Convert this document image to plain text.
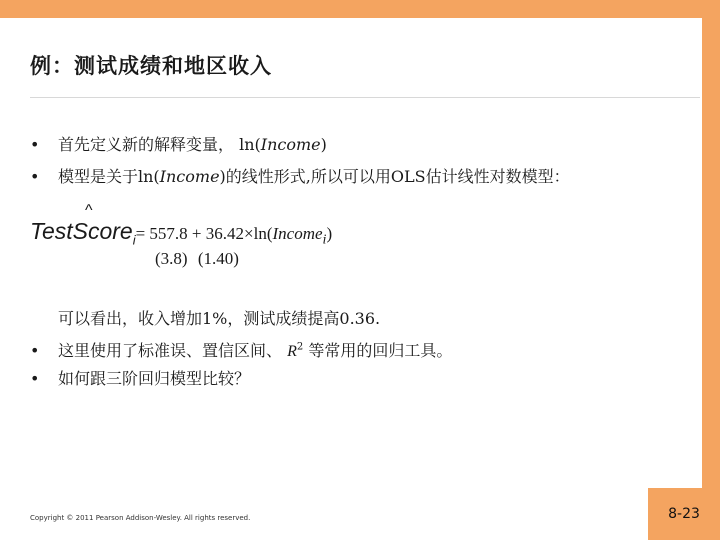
例：测试成绩和地区收入
• 首先定义新的解释变量， ln(Income)
• 模型是关于ln(Income)的线性形式,所以可以用OLS估计线性对数模型：
^
TestScore$_i$= 557.8 + 36.42×ln(Income$_i$)
(3.8) (1.40)
可以看出，收入增加1%，测试成绩提高0.36.
• 这里使用了标准误、置信区间、 $R^2$ 等常用的回归工具。
• 如何跟三阶回归模型比较？
Copyright © 2011 Pearson Addison-Wesley. All rights reserved.	8-23
